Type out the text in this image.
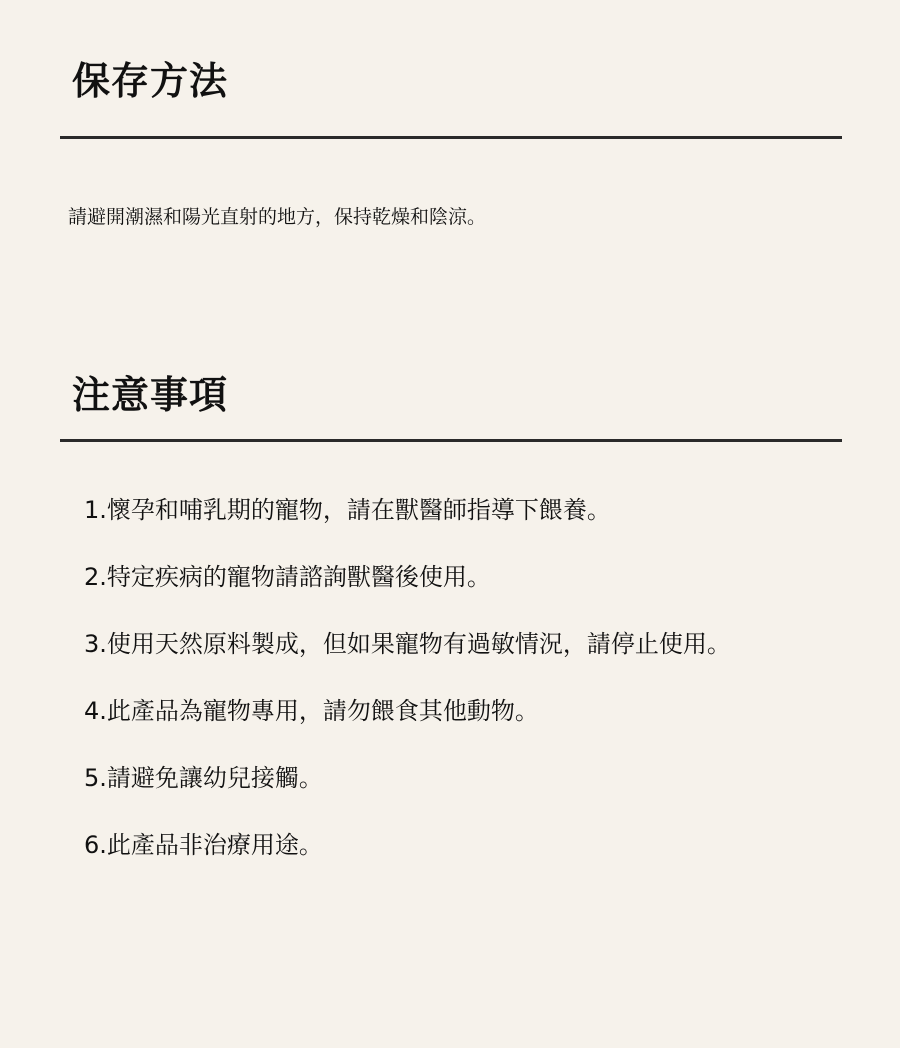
保存方法

請避開潮濕和陽光直射的地方，保持乾燥和陰涼。

注意事項
1.懷孕和哺乳期的寵物，請在獸醫師指導下餵養。
2.特定疾病的寵物請諮詢獸醫後使用。
3.使用天然原料製成，但如果寵物有過敏情況，請停止使用。
4.此產品為寵物專用，請勿餵食其他動物。
5.請避免讓幼兒接觸。
6.此產品非治療用途。
